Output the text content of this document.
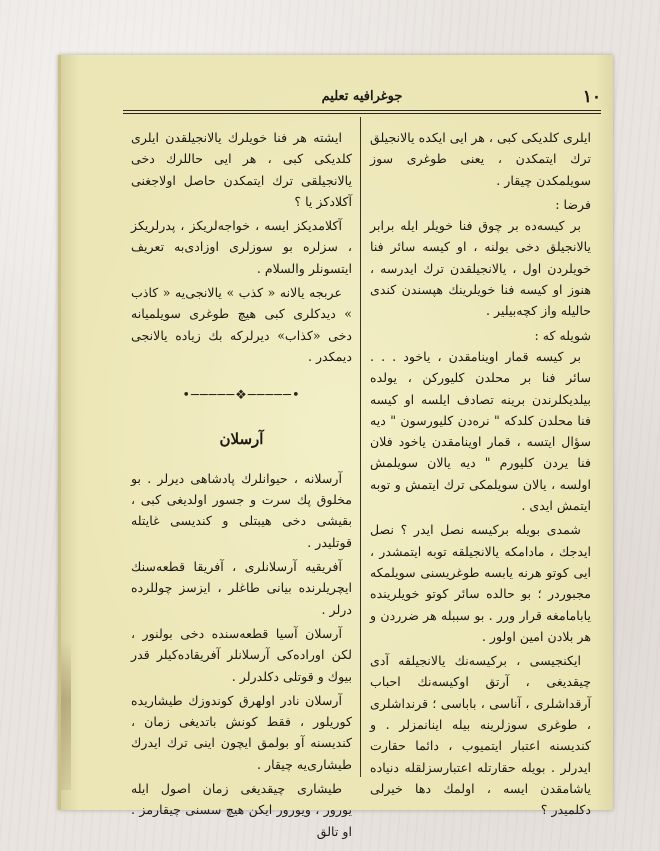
١٠
جوغرافيه تعليم

ايلرى كلديكى كبى ، هر ايى ايكده يالانجيلق ترك ايتمكدن ، يعنى طوغرى سوز سويلمكدن چيقار .

فرضا :

بر كيسه‌ده بر چوق فنا خويلر ايله برابر يالانجيلق دخى بولنه ، او كيسه سائر فنا خويلردن اول ، يالانجيلقدن ترك ايدرسه ، هنوز او كيسه فنا خويلرينك هپسندن كندى حاليله واز كچه‌بيلير .

شويله كه :

بر كيسه قمار اوينامقدن ، ياخود . . . سائر فنا بر محلدن كليوركن ، يولده بيلديكلرندن برينه تصادف ايلسه او كيسه فنا محلدن كلدكه " نره‌دن كليورسون " ديه سؤال ايتسه ، قمار اوينامقدن ياخود فلان فنا يردن كليورم " ديه يالان سويلمش اولسه ، يالان سويلمكى ترك ايتمش و توبه ايتمش ايدى .

شمدى بويله بركيسه نصل ايدر ؟ نصل ايدجك ، مادامكه يالانجيلقه توبه ايتمشدر ، ايى كوتو هرنه يابسه طوغريسنى سويلمكه مجبوردر ؛ بو حالده سائر كوتو خويلرينده يابامامغه قرار ورر . بو سببله هر ضرردن و هر بلادن امين اولور .

ايكنجيسى ، بركيسه‌نك يالانجيلقه آدى چيقديغى ، آرتق اوكيسه‌نك احباب آرقداشلرى ، آناسى ، باباسى ؛ قرنداشلرى ، طوغرى سوزلرينه بيله اينانمزلر . و كنديسنه اعتبار ايتميوب ، دائما حقارت ايدرلر . بويله حقارتله اعتبارسزلقله دنياده ياشامقدن ايسه ، اولمك دها خيرلى دكلميدر ؟

ايشته هر فنا خويلرك يالانجيلقدن ايلرى كلديكى كبى ، هر ايى حاللرك دخى يالانجيلقى ترك ايتمكدن حاصل اولاجغنى آكلادكز يا ؟

آكلامديكز ايسه ، خواجه‌لريكز ، پدرلريكز ، سزلره بو سوزلرى اوزادى‌به تعريف ايتسونلر والسلام .

عربجه يالانه « كذب » يالانجى‌يه « كاذب » ديدكلرى كبى هيچ طوغرى سويلميانه دخى «كذاب» ديرلركه بك زياده يالانجى ديمكدر .

•─────❖─────•
آرسلان

آرسلانه ، حيوانلرك پادشاهى ديرلر . بو مخلوق پك سرت و جسور اولديغى كبى ، بقيشى دخى هيبتلى و كنديسى غايتله قوتليدر .

آفريقيه آرسلانلرى ، آفريقا قطعه‌سنك ايچريلرنده بيانى طاغلر ، ايزسز چوللرده درلر .

آرسلان آسيا قطعه‌سنده دخى بولنور ، لكن اوراده‌كى آرسلانلر آفريقاده‌كيلر قدر بيوك و قوتلى دكلدرلر .

آرسلان نادر اولهرق كوندوزك طيشاريده كوريلور ، فقط كونش باتديغى زمان ، كنديسنه آو بولمق ايچون اينى ترك ايدرك طيشارى‌يه چيقار .

طيشارى چيقديغى زمان اصول ايله يورور ، ويورور ايكن هيچ سسنى چيقارمز . او تالق
